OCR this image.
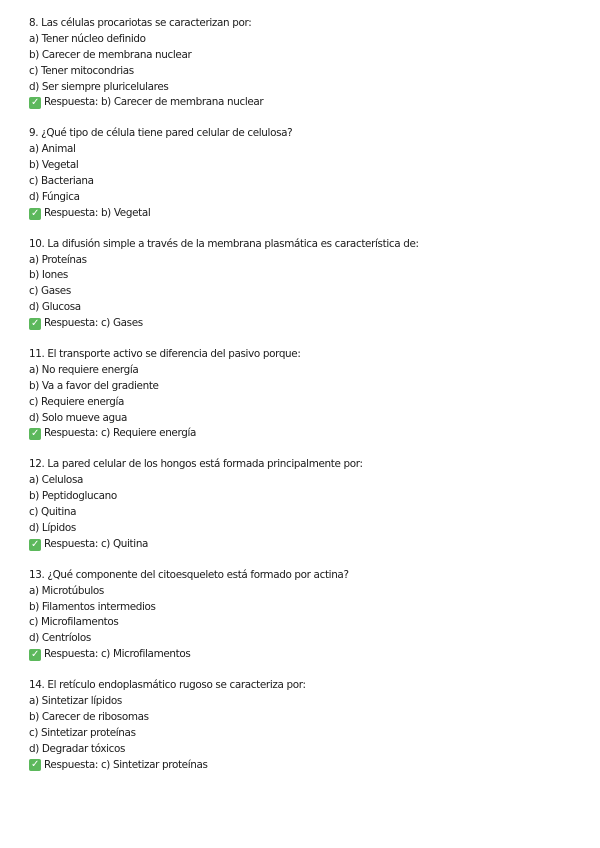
8. Las células procariotas se caracterizan por:
a) Tener núcleo definido
b) Carecer de membrana nuclear
c) Tener mitocondrias
d) Ser siempre pluricelulares
✓ Respuesta: b) Carecer de membrana nuclear
9. ¿Qué tipo de célula tiene pared celular de celulosa?
a) Animal
b) Vegetal
c) Bacteriana
d) Fúngica
✓ Respuesta: b) Vegetal
10. La difusión simple a través de la membrana plasmática es característica de:
a) Proteínas
b) Iones
c) Gases
d) Glucosa
✓ Respuesta: c) Gases
11. El transporte activo se diferencia del pasivo porque:
a) No requiere energía
b) Va a favor del gradiente
c) Requiere energía
d) Solo mueve agua
✓ Respuesta: c) Requiere energía
12. La pared celular de los hongos está formada principalmente por:
a) Celulosa
b) Peptidoglucano
c) Quitina
d) Lípidos
✓ Respuesta: c) Quitina
13. ¿Qué componente del citoesqueleto está formado por actina?
a) Microtúbulos
b) Filamentos intermedios
c) Microfilamentos
d) Centríolos
✓ Respuesta: c) Microfilamentos
14. El retículo endoplasmático rugoso se caracteriza por:
a) Sintetizar lípidos
b) Carecer de ribosomas
c) Sintetizar proteínas
d) Degradar tóxicos
✓ Respuesta: c) Sintetizar proteínas
